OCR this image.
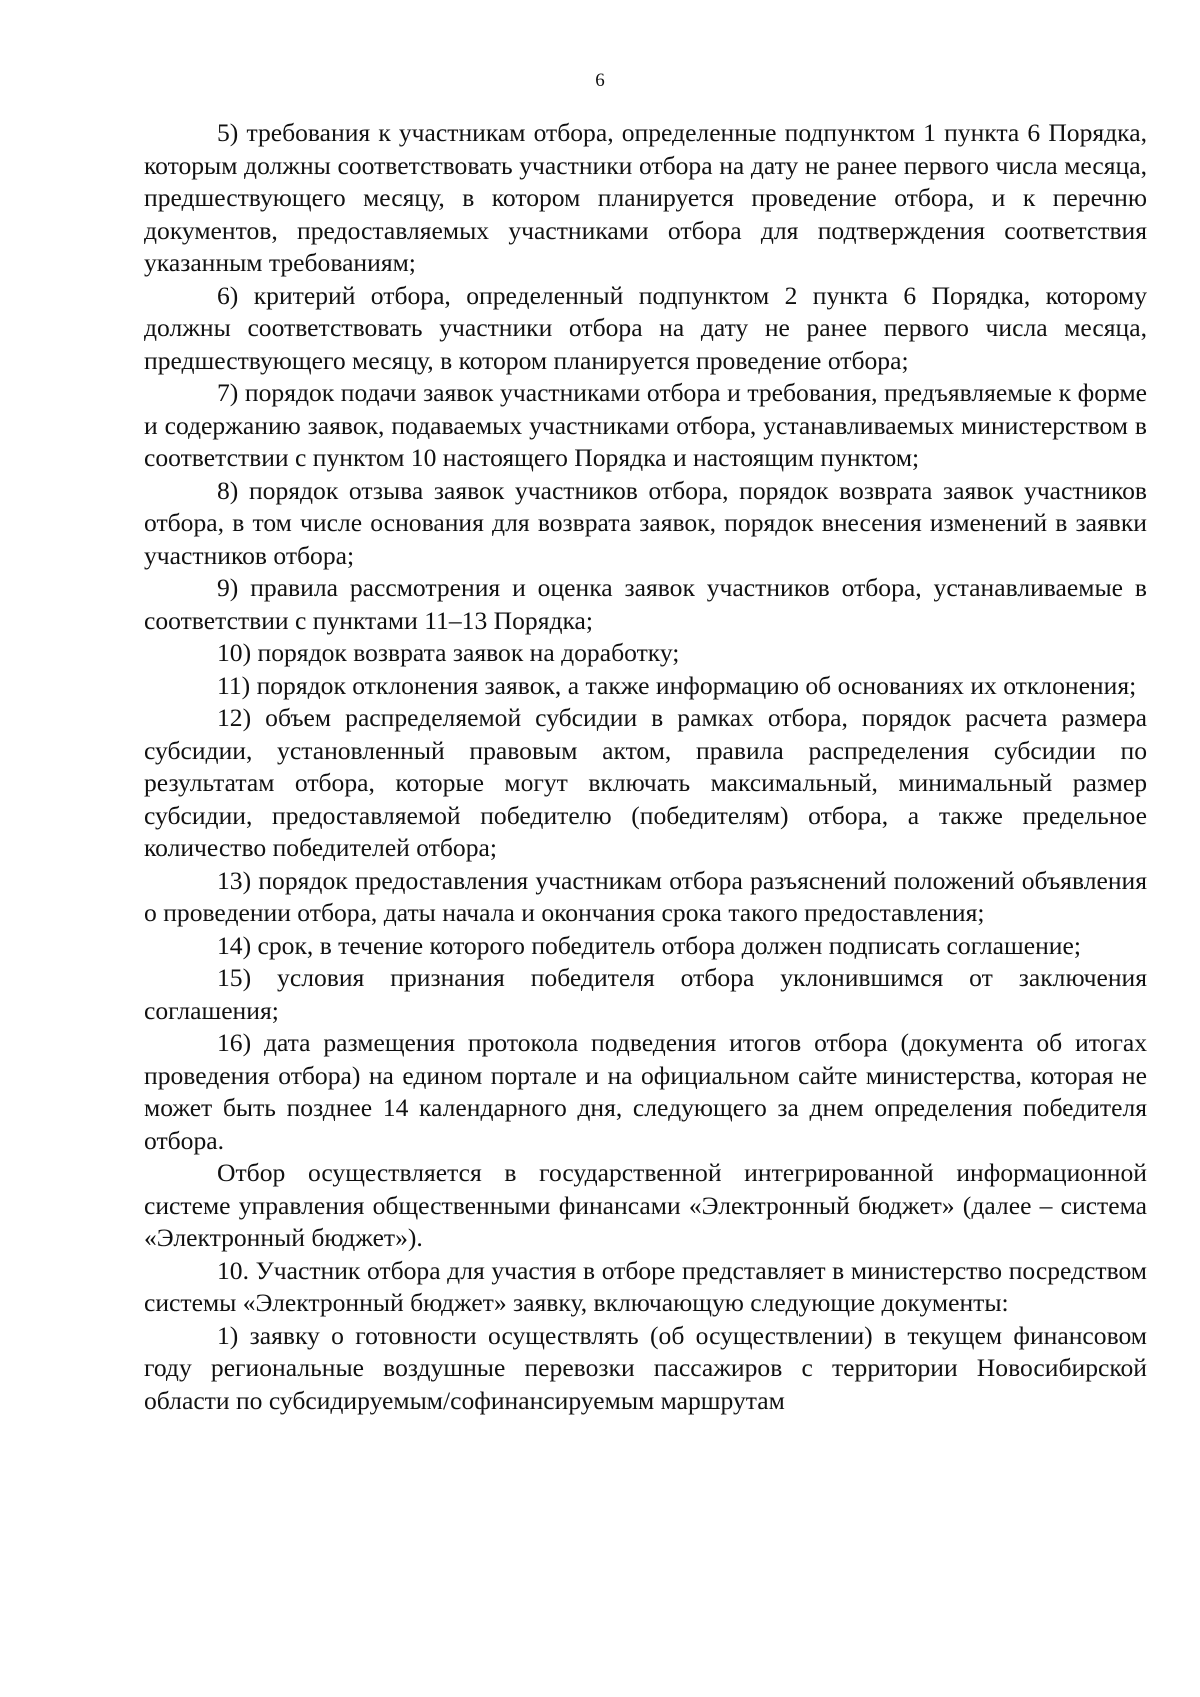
6

5) требования к участникам отбора, определенные подпунктом 1 пункта 6 Порядка, которым должны соответствовать участники отбора на дату не ранее первого числа месяца, предшествующего месяцу, в котором планируется проведение отбора, и к перечню документов, предоставляемых участниками отбора для подтверждения соответствия указанным требованиям;

6) критерий отбора, определенный подпунктом 2 пункта 6 Порядка, которому должны соответствовать участники отбора на дату не ранее первого числа месяца, предшествующего месяцу, в котором планируется проведение отбора;

7) порядок подачи заявок участниками отбора и требования, предъявляемые к форме и содержанию заявок, подаваемых участниками отбора, устанавливаемых министерством в соответствии с пунктом 10 настоящего Порядка и настоящим пунктом;

8) порядок отзыва заявок участников отбора, порядок возврата заявок участников отбора, в том числе основания для возврата заявок, порядок внесения изменений в заявки участников отбора;

9) правила рассмотрения и оценка заявок участников отбора, устанавливаемые в соответствии с пунктами 11–13 Порядка;

10) порядок возврата заявок на доработку;

11) порядок отклонения заявок, а также информацию об основаниях их отклонения;

12) объем распределяемой субсидии в рамках отбора, порядок расчета размера субсидии, установленный правовым актом, правила распределения субсидии по результатам отбора, которые могут включать максимальный, минимальный размер субсидии, предоставляемой победителю (победителям) отбора, а также предельное количество победителей отбора;

13) порядок предоставления участникам отбора разъяснений положений объявления о проведении отбора, даты начала и окончания срока такого предоставления;

14) срок, в течение которого победитель отбора должен подписать соглашение;

15) условия признания победителя отбора уклонившимся от заключения соглашения;

16) дата размещения протокола подведения итогов отбора (документа об итогах проведения отбора) на едином портале и на официальном сайте министерства, которая не может быть позднее 14 календарного дня, следующего за днем определения победителя отбора.

Отбор осуществляется в государственной интегрированной информационной системе управления общественными финансами «Электронный бюджет» (далее – система «Электронный бюджет»).

10. Участник отбора для участия в отборе представляет в министерство посредством системы «Электронный бюджет» заявку, включающую следующие документы:

1) заявку о готовности осуществлять (об осуществлении) в текущем финансовом году региональные воздушные перевозки пассажиров с территории Новосибирской области по субсидируемым/софинансируемым маршрутам
